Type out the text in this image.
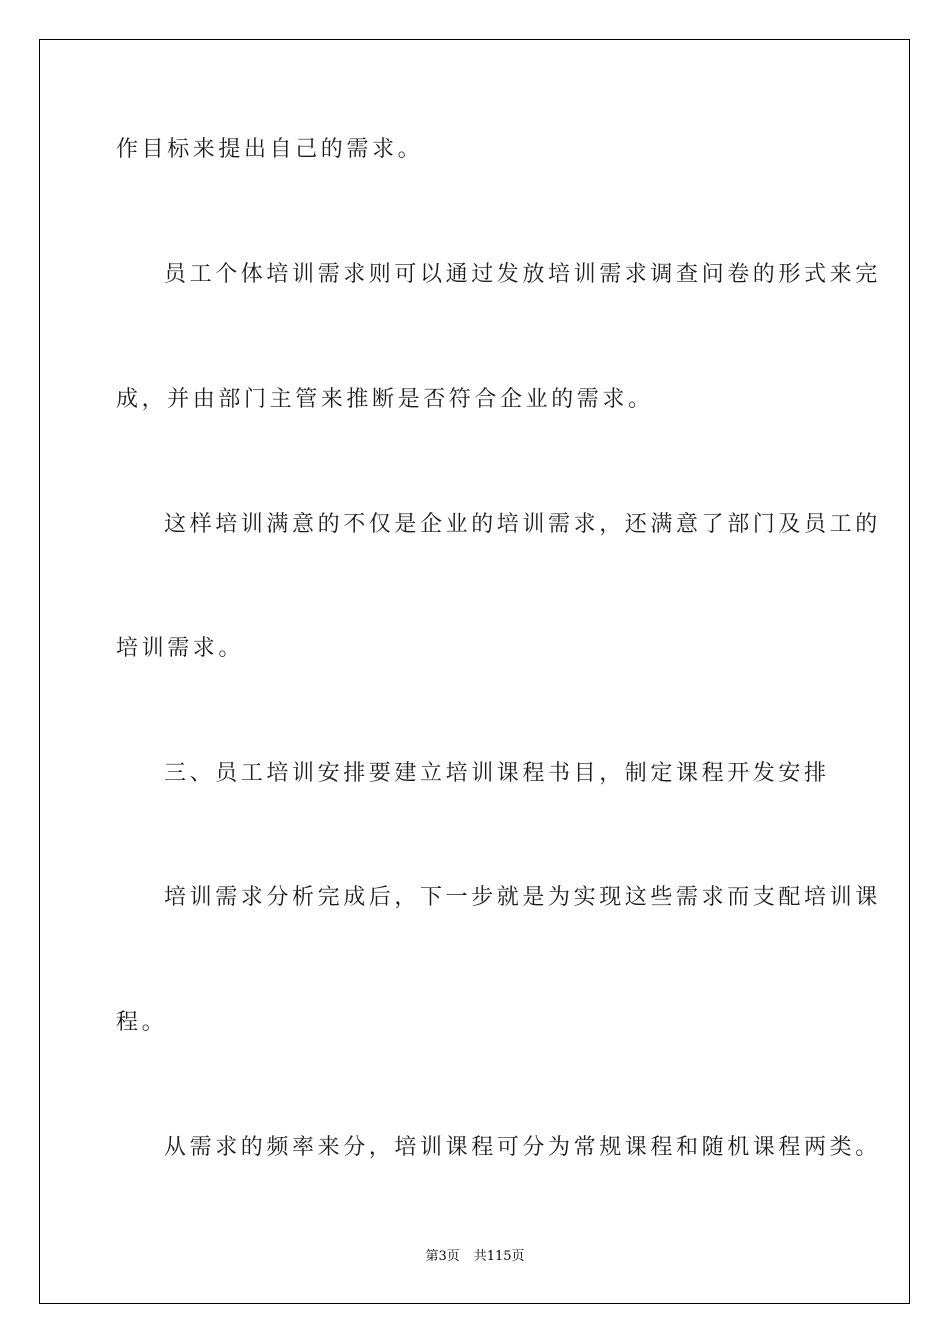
作目标来提出自己的需求。
员工个体培训需求则可以通过发放培训需求调查问卷的形式来完
成，并由部门主管来推断是否符合企业的需求。
这样培训满意的不仅是企业的培训需求，还满意了部门及员工的
培训需求。
三、员工培训安排要建立培训课程书目，制定课程开发安排
培训需求分析完成后，下一步就是为实现这些需求而支配培训课
程。
从需求的频率来分，培训课程可分为常规课程和随机课程两类。
第3页 共115页
